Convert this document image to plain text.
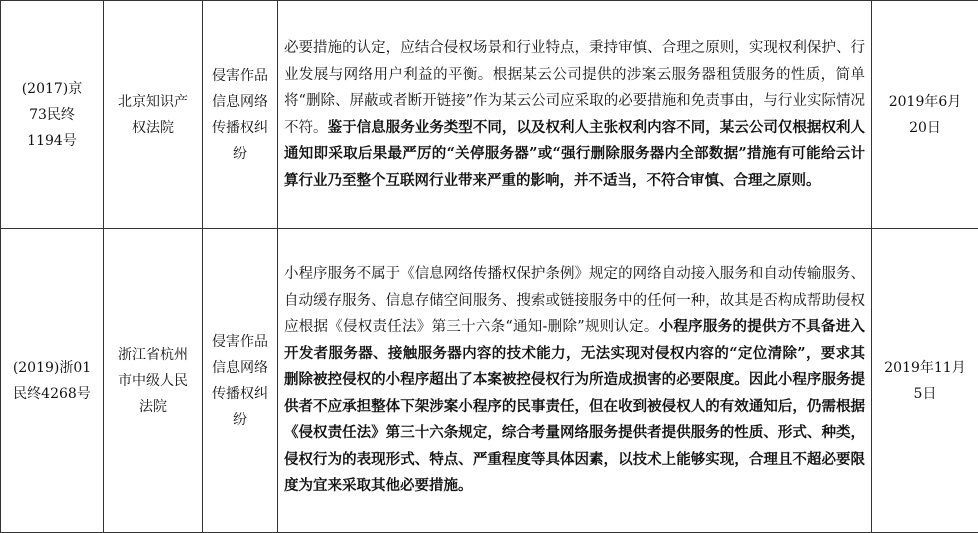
(2017)京73民终1194号	北京知识产权法院	侵害作品信息网络传播权纠纷	必要措施的认定，应结合侵权场景和行业特点，秉持审慎、合理之原则，实现权利保护、行业发展与网络用户利益的平衡。根据某云公司提供的涉案云服务器租赁服务的性质，简单将“删除、屏蔽或者断开链接”作为某云公司应采取的必要措施和免责事由，与行业实际情况不符。鉴于信息服务业务类型不同，以及权利人主张权利内容不同，某云公司仅根据权利人通知即采取后果最严厉的“关停服务器”或“强行删除服务器内全部数据”措施有可能给云计算行业乃至整个互联网行业带来严重的影响，并不适当，不符合审慎、合理之原则。	2019年6月20日

(2019)浙01民终4268号	浙江省杭州市中级人民法院	侵害作品信息网络传播权纠纷	小程序服务不属于《信息网络传播权保护条例》规定的网络自动接入服务和自动传输服务、自动缓存服务、信息存储空间服务、搜索或链接服务中的任何一种，故其是否构成帮助侵权应根据《侵权责任法》第三十六条“通知-删除”规则认定。小程序服务的提供方不具备进入开发者服务器、接触服务器内容的技术能力，无法实现对侵权内容的“定位清除”，要求其删除被控侵权的小程序超出了本案被控侵权行为所造成损害的必要限度。因此小程序服务提供者不应承担整体下架涉案小程序的民事责任，但在收到被侵权人的有效通知后，仍需根据《侵权责任法》第三十六条规定，综合考量网络服务提供者提供服务的性质、形式、种类，侵权行为的表现形式、特点、严重程度等具体因素，以技术上能够实现，合理且不超必要限度为宜来采取其他必要措施。	2019年11月5日
